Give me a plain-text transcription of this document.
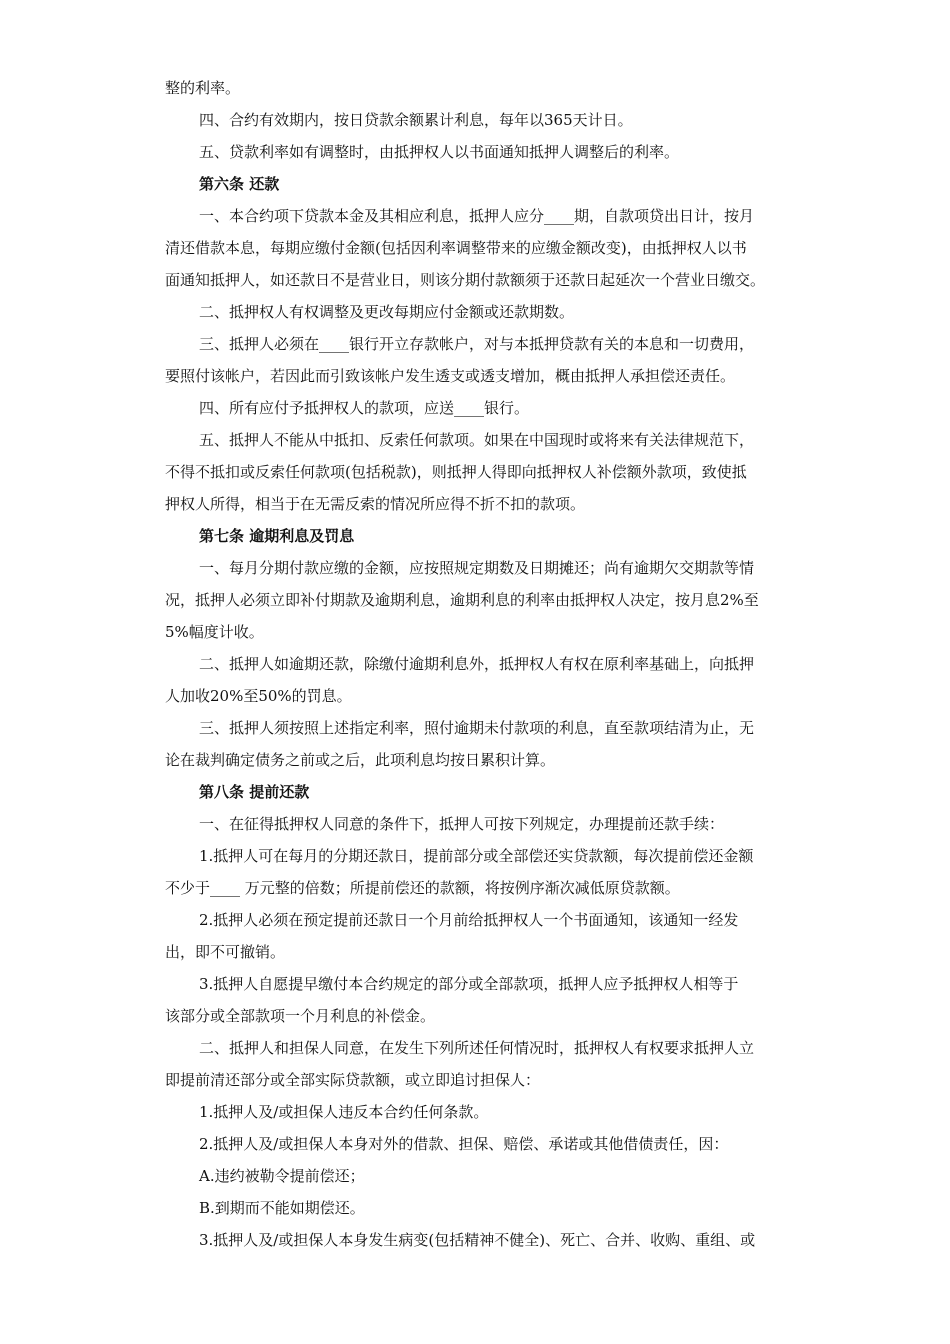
整的利率。

四、合约有效期内，按日贷款余额累计利息，每年以365天计日。

五、贷款利率如有调整时，由抵押权人以书面通知抵押人调整后的利率。

第六条 还款

一、本合约项下贷款本金及其相应利息，抵押人应分____期，自款项贷出日计，按月

清还借款本息，每期应缴付金额(包括因利率调整带来的应缴金额改变)，由抵押权人以书

面通知抵押人，如还款日不是营业日，则该分期付款额须于还款日起延次一个营业日缴交。

二、抵押权人有权调整及更改每期应付金额或还款期数。

三、抵押人必须在____银行开立存款帐户，对与本抵押贷款有关的本息和一切费用，

要照付该帐户，若因此而引致该帐户发生透支或透支增加，概由抵押人承担偿还责任。

四、所有应付予抵押权人的款项，应送____银行。

五、抵押人不能从中抵扣、反索任何款项。如果在中国现时或将来有关法律规范下，

不得不抵扣或反索任何款项(包括税款)，则抵押人得即向抵押权人补偿额外款项，致使抵

押权人所得，相当于在无需反索的情况所应得不折不扣的款项。

第七条 逾期利息及罚息

一、每月分期付款应缴的金额，应按照规定期数及日期摊还；尚有逾期欠交期款等情

况，抵押人必须立即补付期款及逾期利息，逾期利息的利率由抵押权人决定，按月息2%至

5%幅度计收。

二、抵押人如逾期还款，除缴付逾期利息外，抵押权人有权在原利率基础上，向抵押

人加收20%至50%的罚息。

三、抵押人须按照上述指定利率，照付逾期未付款项的利息，直至款项结清为止，无

论在裁判确定债务之前或之后，此项利息均按日累积计算。

第八条 提前还款

一、在征得抵押权人同意的条件下，抵押人可按下列规定，办理提前还款手续：

1.抵押人可在每月的分期还款日，提前部分或全部偿还实贷款额，每次提前偿还金额

不少于____ 万元整的倍数；所提前偿还的款额，将按例序渐次减低原贷款额。

2.抵押人必须在预定提前还款日一个月前给抵押权人一个书面通知，该通知一经发

出，即不可撤销。

3.抵押人自愿提早缴付本合约规定的部分或全部款项，抵押人应予抵押权人相等于

该部分或全部款项一个月利息的补偿金。

二、抵押人和担保人同意，在发生下列所述任何情况时，抵押权人有权要求抵押人立

即提前清还部分或全部实际贷款额，或立即追讨担保人：

1.抵押人及/或担保人违反本合约任何条款。

2.抵押人及/或担保人本身对外的借款、担保、赔偿、承诺或其他借债责任，因：

A.违约被勒令提前偿还；

B.到期而不能如期偿还。

3.抵押人及/或担保人本身发生病变(包括精神不健全)、死亡、合并、收购、重组、或
